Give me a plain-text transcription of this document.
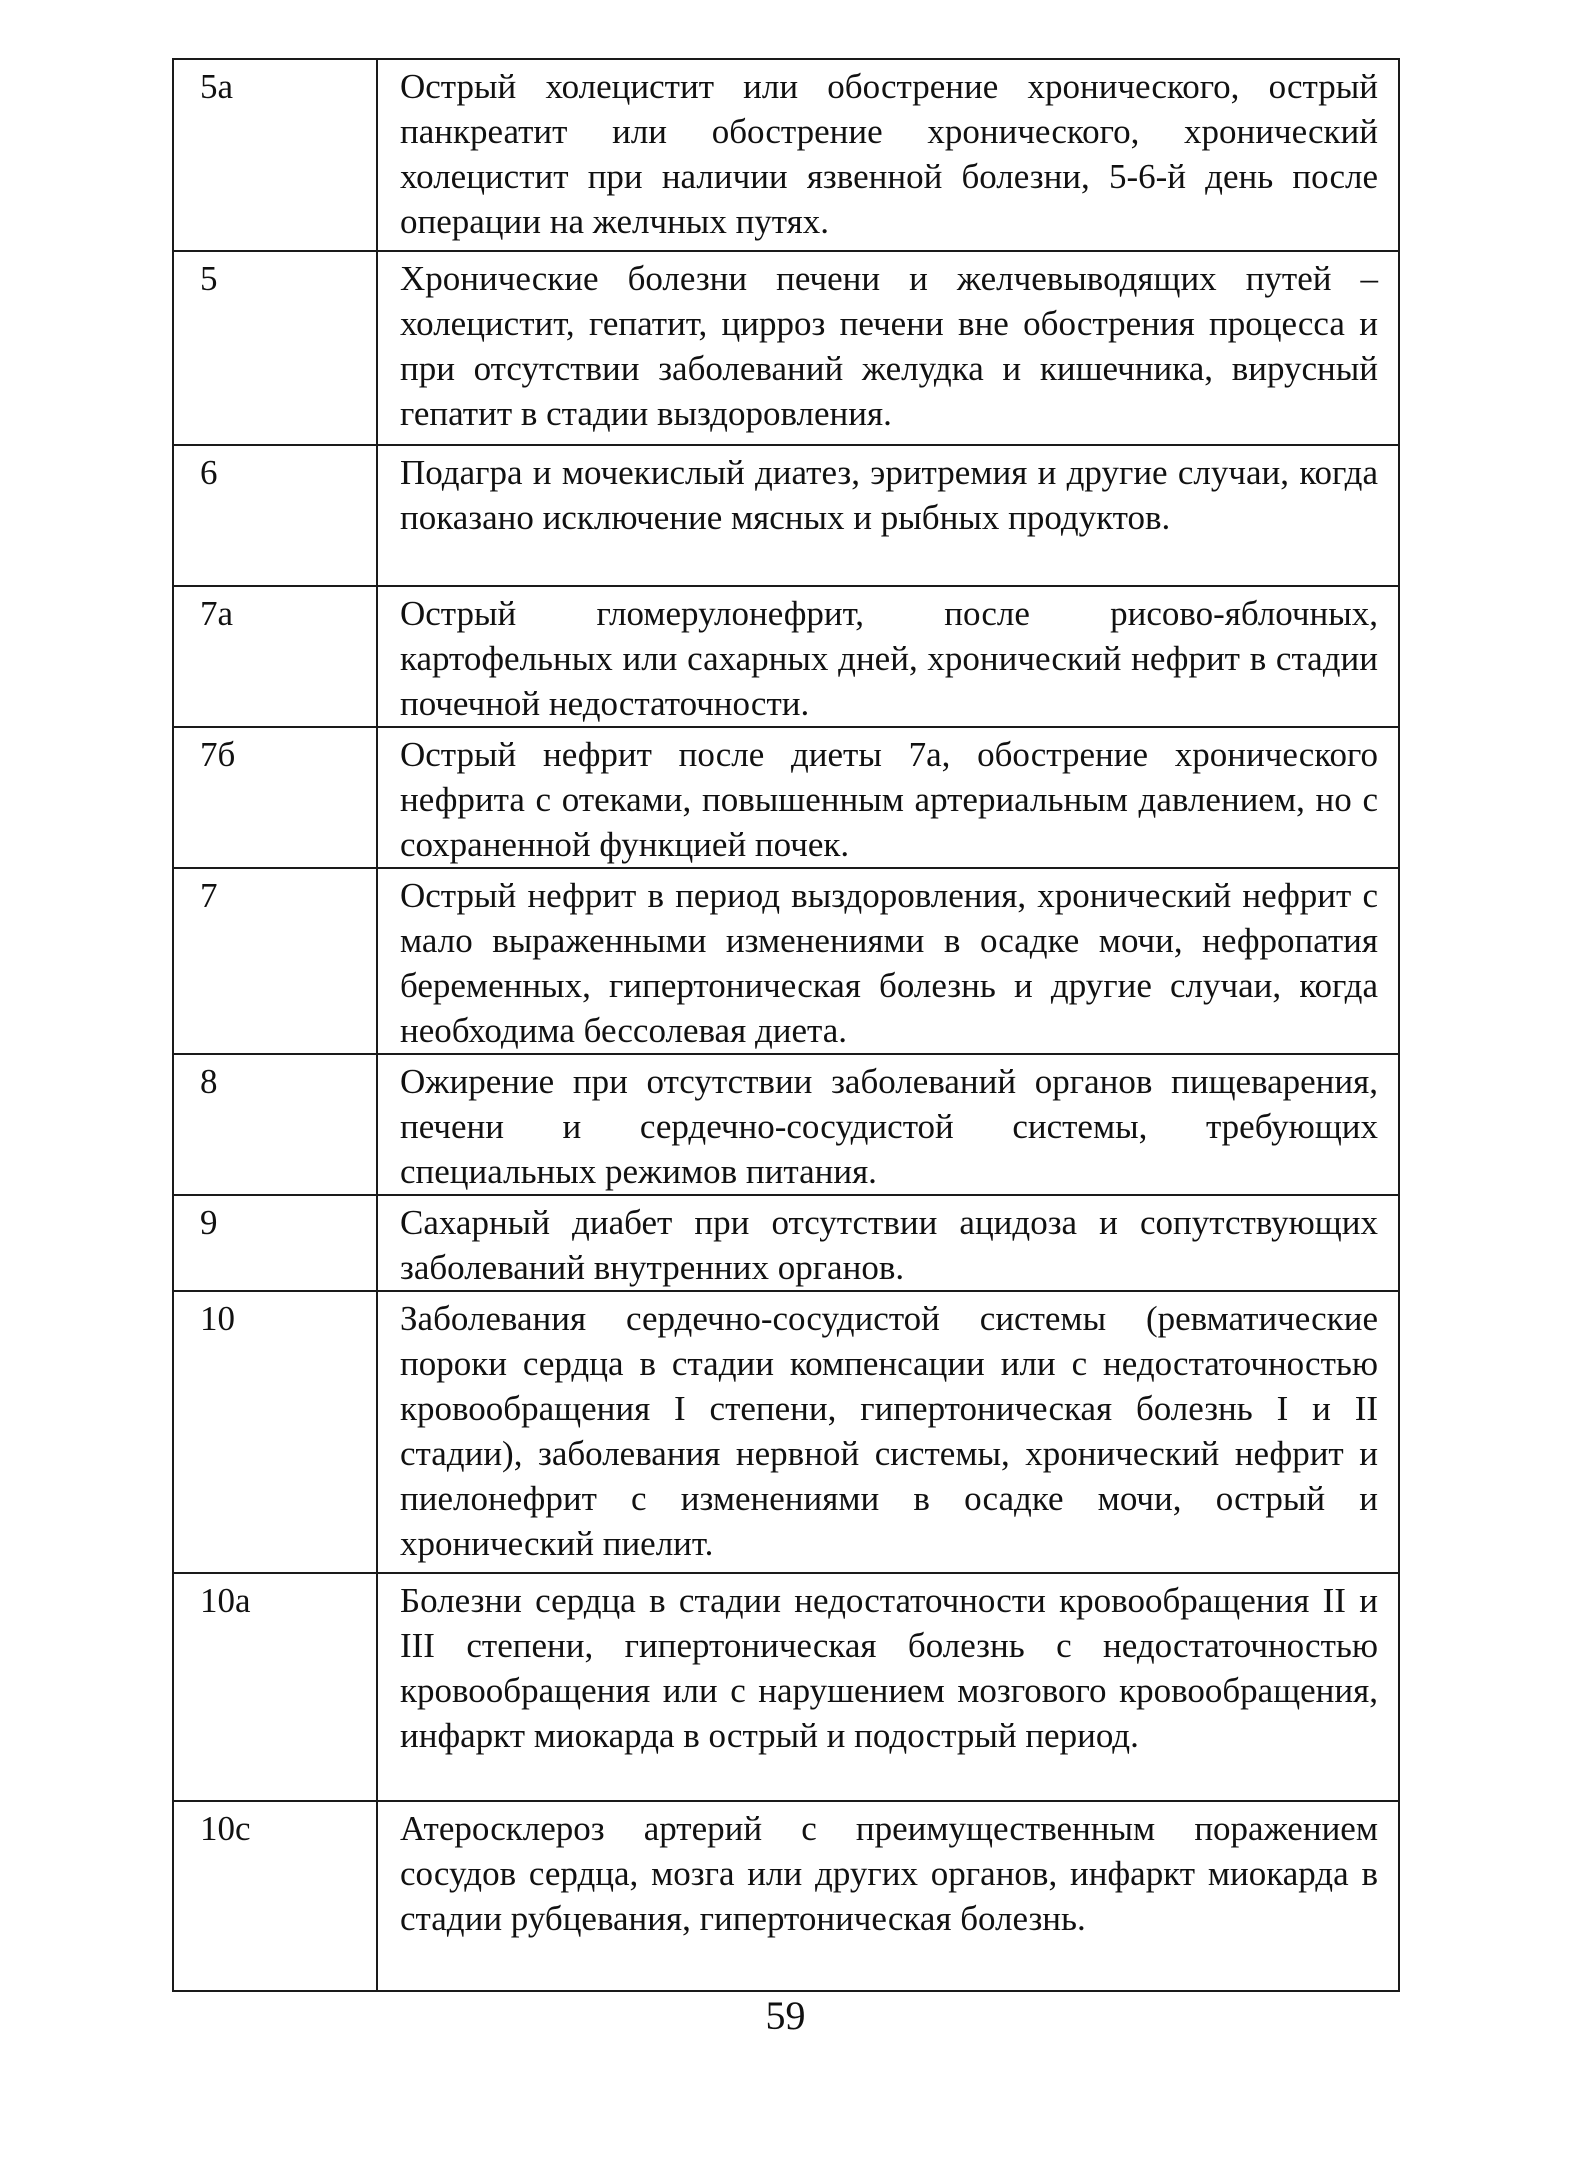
5а	Острый холецистит или обострение хронического, острый панкреатит или обострение хронического, хронический холецистит при наличии язвенной болезни, 5-6-й день после операции на желчных путях.
5	Хронические болезни печени и желчевыводящих путей – холецистит, гепатит, цирроз печени вне обострения процесса и при отсутствии заболеваний желудка и кишечника, вирусный гепатит в стадии выздоровления.
6	Подагра и мочекислый диатез, эритремия и другие случаи, когда показано исключение мясных и рыбных продуктов.
7а	Острый гломерулонефрит, после рисово-яблочных, картофельных или сахарных дней, хронический нефрит в стадии почечной недостаточности.
7б	Острый нефрит после диеты 7а, обострение хронического нефрита с отеками, повышенным артериальным давлением, но с сохраненной функцией почек.
7	Острый нефрит в период выздоровления, хронический нефрит с мало выраженными изменениями в осадке мочи, нефропатия беременных, гипертоническая болезнь и другие случаи, когда необходима бессолевая диета.
8	Ожирение при отсутствии заболеваний органов пищеварения, печени и сердечно-сосудистой системы, требующих специальных режимов питания.
9	Сахарный диабет при отсутствии ацидоза и сопутствующих заболеваний внутренних органов.
10	Заболевания сердечно-сосудистой системы (ревматические пороки сердца в стадии компенсации или с недостаточностью кровообращения I степени, гипертоническая болезнь I и II стадии), заболевания нервной системы, хронический нефрит и пиелонефрит с изменениями в осадке мочи, острый и хронический пиелит.
10а	Болезни сердца в стадии недостаточности кровообращения II и III степени, гипертоническая болезнь с недостаточностью кровообращения или с нарушением мозгового кровообращения, инфаркт миокарда в острый и подострый период.
10с	Атеросклероз артерий с преимущественным поражением сосудов сердца, мозга или других органов, инфаркт миокарда в стадии рубцевания, гипертоническая болезнь.
59
